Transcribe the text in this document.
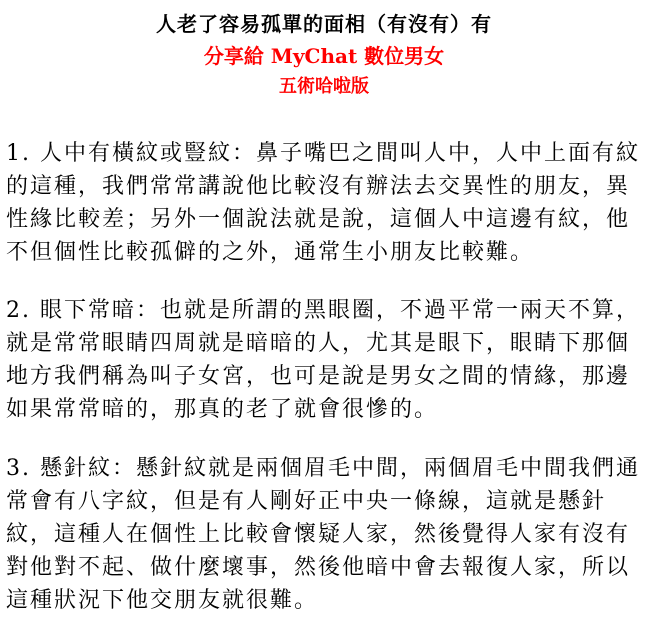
人老了容易孤單的面相（有沒有）有
分享給 MyChat 數位男女
五術哈啦版
1. 人中有橫紋或豎紋：鼻子嘴巴之間叫人中，人中上面有紋
的這種，我們常常講說他比較沒有辦法去交異性的朋友，異
性緣比較差；另外一個說法就是說，這個人中這邊有紋，他
不但個性比較孤僻的之外，通常生小朋友比較難。
2. 眼下常暗：也就是所謂的黑眼圈，不過平常一兩天不算，
就是常常眼睛四周就是暗暗的人，尤其是眼下，眼睛下那個
地方我們稱為叫子女宮，也可是說是男女之間的情緣，那邊
如果常常暗的，那真的老了就會很慘的。
3. 懸針紋：懸針紋就是兩個眉毛中間，兩個眉毛中間我們通
常會有八字紋，但是有人剛好正中央一條線，這就是懸針
紋，這種人在個性上比較會懷疑人家，然後覺得人家有沒有
對他對不起、做什麼壞事，然後他暗中會去報復人家，所以
這種狀況下他交朋友就很難。
